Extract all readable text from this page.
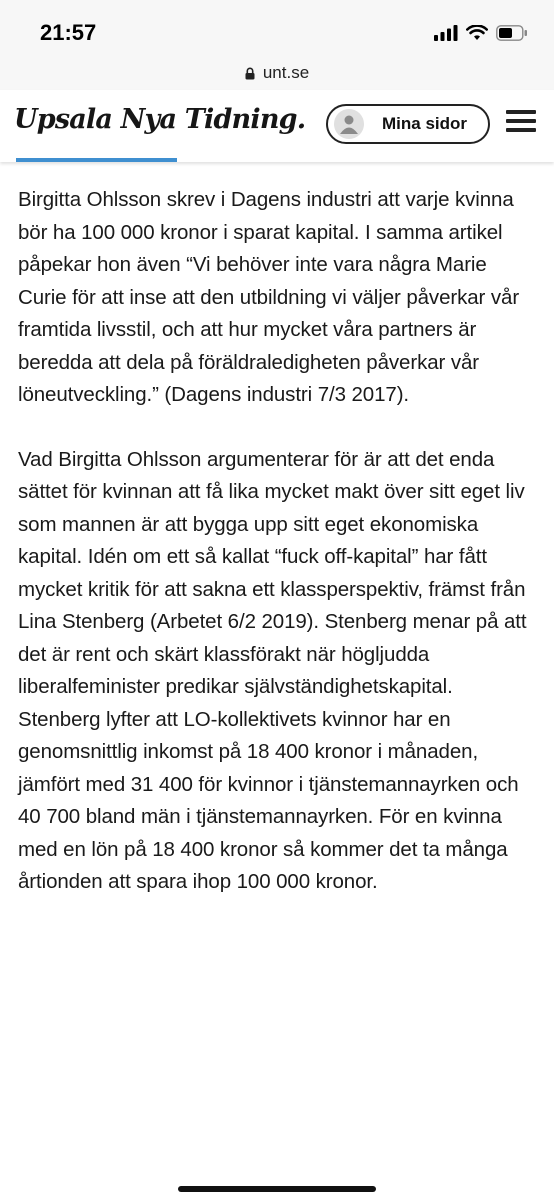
21:57
unt.se
Upsala Nya Tidning.	Mina sidor

Birgitta Ohlsson skrev i Dagens industri att varje kvinna bör ha 100 000 kronor i sparat kapital. I samma artikel påpekar hon även “Vi behöver inte vara några Marie Curie för att inse att den utbildning vi väljer påverkar vår framtida livsstil, och att hur mycket våra partners är beredda att dela på föräldraledigheten påverkar vår löneutveckling.” (Dagens industri 7/3 2017).

Vad Birgitta Ohlsson argumenterar för är att det enda sättet för kvinnan att få lika mycket makt över sitt eget liv som mannen är att bygga upp sitt eget ekonomiska kapital. Idén om ett så kallat “fuck off-kapital” har fått mycket kritik för att sakna ett klassperspektiv, främst från Lina Stenberg (Arbetet 6/2 2019). Stenberg menar på att det är rent och skärt klassförakt när högljudda liberalfeminister predikar självständighetskapital. Stenberg lyfter att LO-kollektivets kvinnor har en genomsnittlig inkomst på 18 400 kronor i månaden, jämfört med 31 400 för kvinnor i tjänstemannayrken och 40 700 bland män i tjänstemannayrken. För en kvinna med en lön på 18 400 kronor så kommer det ta många årtionden att spara ihop 100 000 kronor.
